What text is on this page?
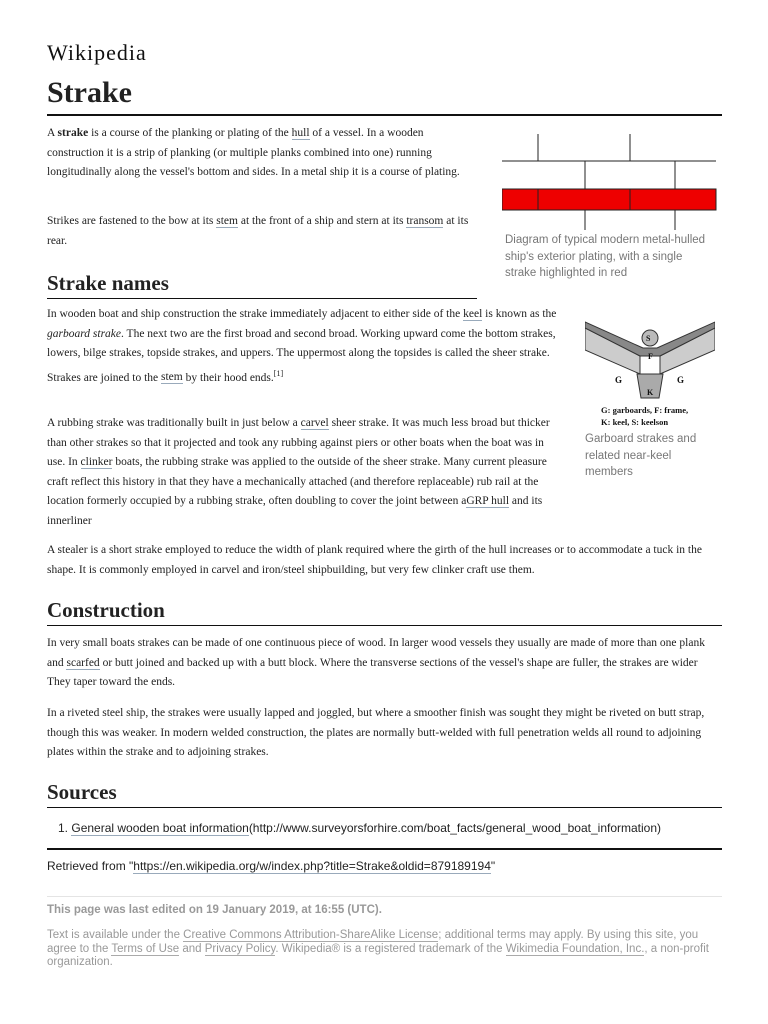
Wikipedia
Strake

A strake is a course of the planking or plating of the hull of a vessel. In a wooden construction it is a strip of planking (or multiple planks combined into one) running longitudinally along the vessel's bottom and sides. In a metal ship it is a course of plating.

Strikes are fastened to the bow at its stem at the front of a ship and stern at its transom at its rear.	Diagram of typical modern metal-hulled ship's exterior plating, with a single strake highlighted in red
Strake names

In wooden boat and ship construction the strake immediately adjacent to either side of the keel is known as the garboard strake. The next two are the first broad and second broad. Working upward come the bottom strakes, lowers, bilge strakes, topside strakes, and uppers. The uppermost along the topsides is called the sheer strake. Strakes are joined to the stem by their hood ends.[1]

A rubbing strake was traditionally built in just below a carvel sheer strake. It was much less broad but thicker than other strakes so that it projected and took any rubbing against piers or other boats when the boat was in use. In clinker boats, the rubbing strake was applied to the outside of the sheer strake. Many current pleasure craft reflect this history in that they have a mechanically attached (and therefore replaceable) rub rail at the location formerly occupied by a rubbing strake, often doubling to cover the joint between aGRP hull and its innerliner

S
F
G	G
K
G: garboards, F: frame, K: keel, S: keelson
Garboard strakes and related near-keel members

A stealer is a short strake employed to reduce the width of plank required where the girth of the hull increases or to accommodate a tuck in the shape. It is commonly employed in carvel and iron/steel shipbuilding, but very few clinker craft use them.

Construction

In very small boats strakes can be made of one continuous piece of wood. In larger wood vessels they usually are made of more than one plank and scarfed or butt joined and backed up with a butt block. Where the transverse sections of the vessel's shape are fuller, the strakes are wider They taper toward the ends.

In a riveted steel ship, the strakes were usually lapped and joggled, but where a smoother finish was sought they might be riveted on butt strap, though this was weaker. In modern welded construction, the plates are normally butt-welded with full penetration welds all round to adjoining plates within the strake and to adjoining strakes.

Sources
1. General wooden boat information(http://www.surveyorsforhire.com/boat_facts/general_wood_boat_information)
Retrieved from "https://en.wikipedia.org/w/index.php?title=Strake&oldid=879189194"
This page was last edited on 19 January 2019, at 16:55 (UTC).
Text is available under the Creative Commons Attribution-ShareAlike License; additional terms may apply. By using this site, you agree to the Terms of Use and Privacy Policy. Wikipedia® is a registered trademark of the Wikimedia Foundation, Inc., a non-profit organization.
